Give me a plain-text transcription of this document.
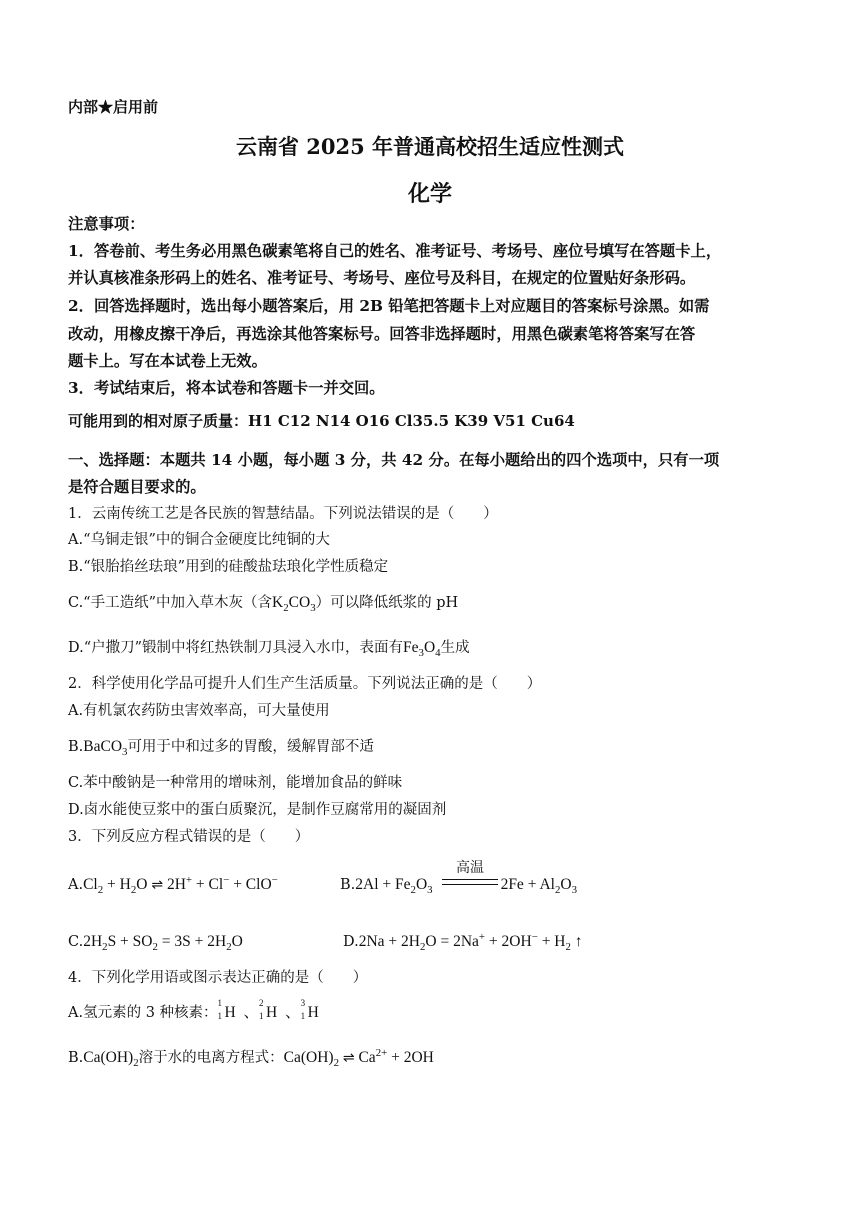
内部★启用前
云南省 2025 年普通高校招生适应性测式
化学
注意事项：
1．答卷前、考生务必用黑色碳素笔将自己的姓名、准考证号、考场号、座位号填写在答题卡上，
并认真核准条形码上的姓名、准考证号、考场号、座位号及科目，在规定的位置贴好条形码。
2．回答选择题时，选出每小题答案后，用 2B 铅笔把答题卡上对应题目的答案标号涂黑。如需
改动，用橡皮擦干净后，再选涂其他答案标号。回答非选择题时，用黑色碳素笔将答案写在答
题卡上。写在本试卷上无效。
3．考试结束后，将本试卷和答题卡一并交回。
可能用到的相对原子质量：H1 C12 N14 O16 Cl35.5 K39 V51 Cu64
一、选择题：本题共 14 小题，每小题 3 分，共 42 分。在每小题给出的四个选项中，只有一项
是符合题目要求的。
1．云南传统工艺是各民族的智慧结晶。下列说法错误的是（　　）
A.“乌铜走银”中的铜合金硬度比纯铜的大
B.“银胎掐丝珐琅”用到的硅酸盐珐琅化学性质稳定
C.“手工造纸”中加入草木灰（含$K_2CO_3$）可以降低纸浆的 pH
D.“户撒刀”锻制中将红热铁制刀具浸入水巾，表面有$Fe_3O_4$生成
2．科学使用化学品可提升人们生产生活质量。下列说法正确的是（　　）
A.有机氯农药防虫害效率高，可大量使用
B.BaCO$_3$可用于中和过多的胃酸，缓解胃部不适
C.苯中酸钠是一种常用的增味剂，能增加食品的鲜味
D.卤水能使豆浆中的蛋白质聚沉，是制作豆腐常用的凝固剂
3．下列反应方程式错误的是（　　）
$A.Cl_2 + H_2O$ ⇌ 2H+ + Cl− + ClO−
高温
$B.2Al + Fe_2O_3$	$2Fe + Al_2O_3$
$C.2H_2S + SO_2 = 3S + 2H_2O$	$D.2Na + 2H_2O = 2Na^+ + 2OH^- + H_2$ ↑
4．下列化学用语或图示表达正确的是（　　）
A.氢元素的 3 种核素：
1
1 H 、
2
1 H 、
3
1 H
$B.Ca(OH)_2$溶于水的电离方程式：$Ca(OH)_2$ ⇌ $Ca^{2+} + 2OH$
